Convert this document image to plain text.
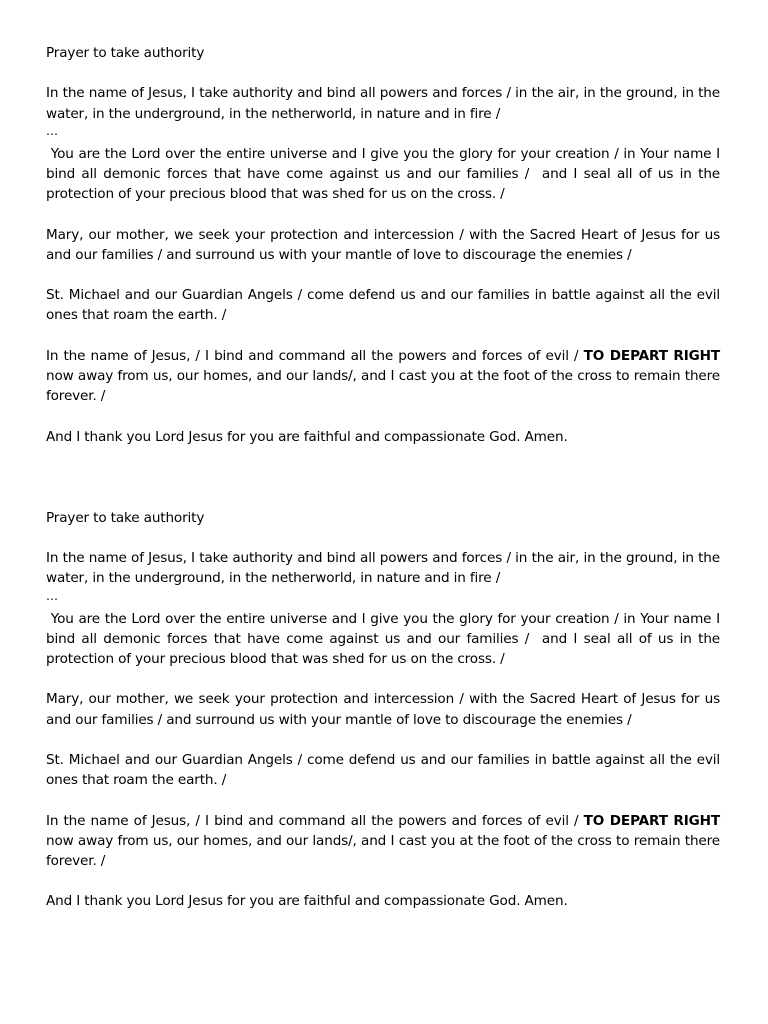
Prayer to take authority

In the name of Jesus, I take authority and bind all powers and forces / in the air, in the ground, in the water, in the underground, in the netherworld, in nature and in fire /

…

You are the Lord over the entire universe and I give you the glory for your creation / in Your name I bind all demonic forces that have come against us and our families /  and I seal all of us in the protection of your precious blood that was shed for us on the cross. /

Mary, our mother, we seek your protection and intercession / with the Sacred Heart of Jesus for us and our families / and surround us with your mantle of love to discourage the enemies /

St. Michael and our Guardian Angels / come defend us and our families in battle against all the evil ones that roam the earth. /

In the name of Jesus, / I bind and command all the powers and forces of evil / TO DEPART RIGHT now away from us, our homes, and our lands/, and I cast you at the foot of the cross to remain there forever. /

And I thank you Lord Jesus for you are faithful and compassionate God. Amen.

Prayer to take authority

In the name of Jesus, I take authority and bind all powers and forces / in the air, in the ground, in the water, in the underground, in the netherworld, in nature and in fire /

…

You are the Lord over the entire universe and I give you the glory for your creation / in Your name I bind all demonic forces that have come against us and our families /  and I seal all of us in the protection of your precious blood that was shed for us on the cross. /

Mary, our mother, we seek your protection and intercession / with the Sacred Heart of Jesus for us and our families / and surround us with your mantle of love to discourage the enemies /

St. Michael and our Guardian Angels / come defend us and our families in battle against all the evil ones that roam the earth. /

In the name of Jesus, / I bind and command all the powers and forces of evil / TO DEPART RIGHT now away from us, our homes, and our lands/, and I cast you at the foot of the cross to remain there forever. /

And I thank you Lord Jesus for you are faithful and compassionate God. Amen.
